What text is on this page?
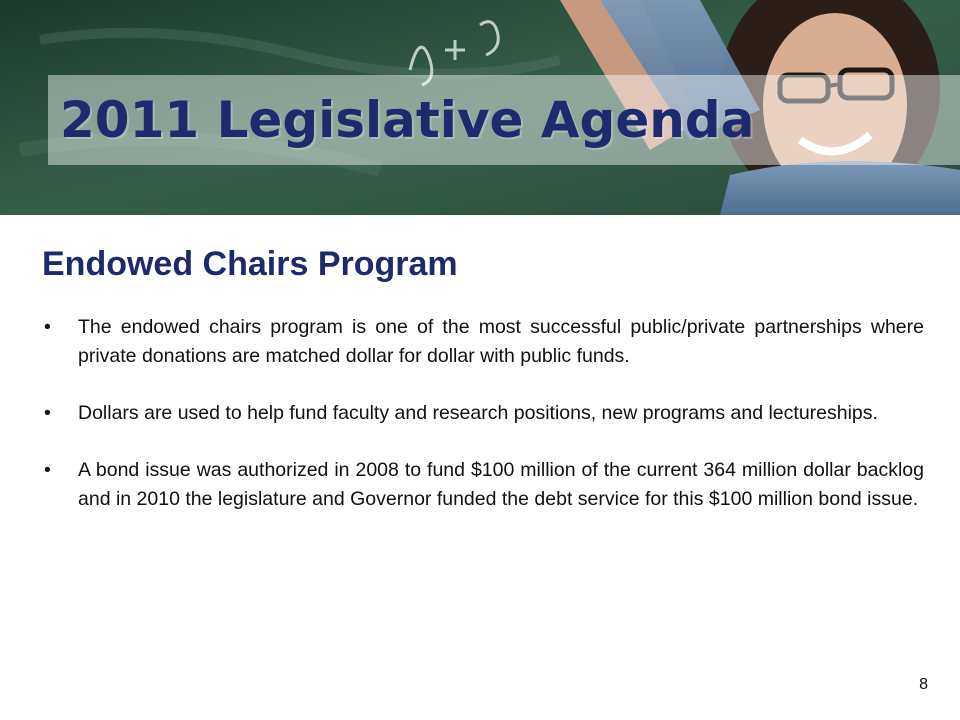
2011 Legislative Agenda
Endowed Chairs Program
• The endowed chairs program is one of the most successful public/private partnerships where private donations are matched dollar for dollar with public funds.
• Dollars are used to help fund faculty and research positions, new programs and lectureships.
• A bond issue was authorized in 2008 to fund $100 million of the current 364 million dollar backlog and in 2010 the legislature and Governor funded the debt service for this $100 million bond issue.
8
